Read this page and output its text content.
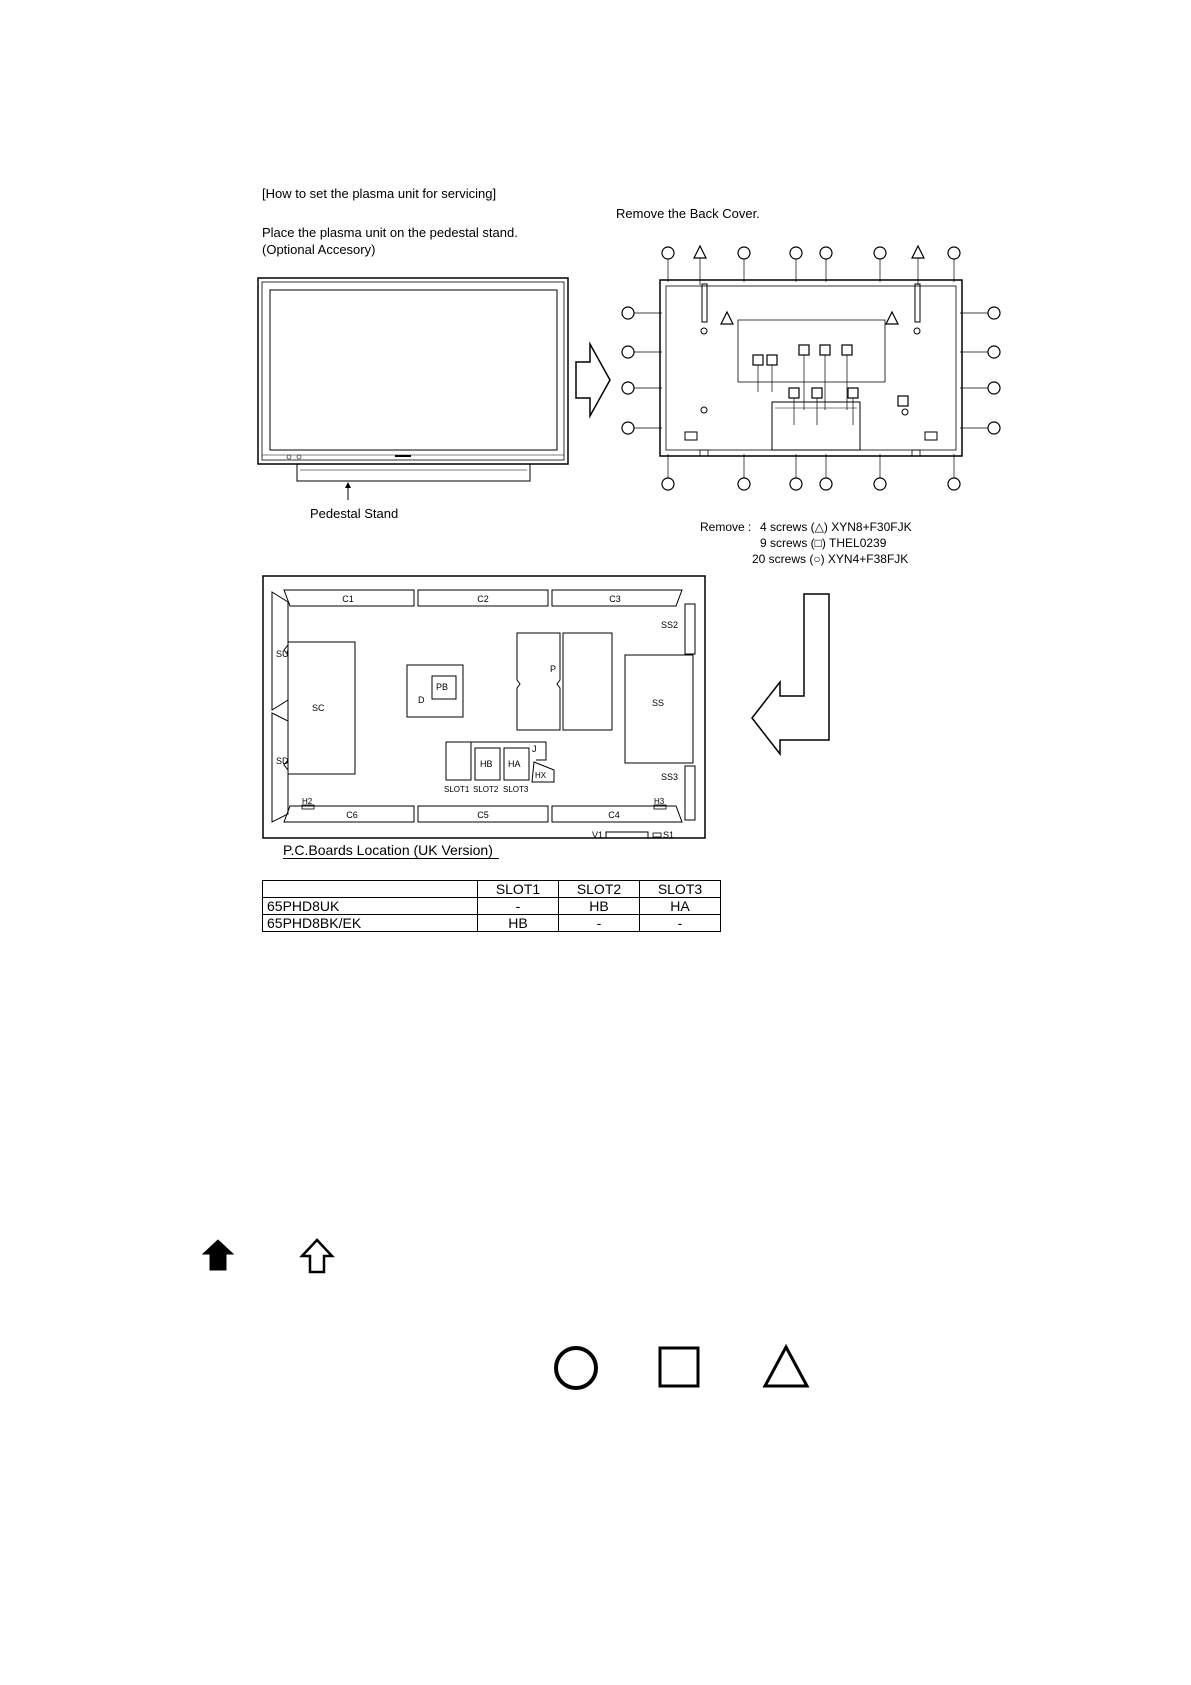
[How to set the plasma unit for servicing]
Place the plasma unit on the pedestal stand.
(Optional Accesory)
Remove the Back Cover.
Pedestal Stand
Remove : 4 screws (△) XYN8+F30FJK
9 screws (□) THEL0239
20 screws (○) XYN4+F38FJK
P.C.Boards Location (UK Version)
C1	C2	C3
C6	C5	C4
SU
SD
SC
D
PB
P
SS
SS2
SS3
J
HB HA
HX
SLOT1 SLOT2 SLOT3
H2	H3
V1	S1
	SLOT1	SLOT2	SLOT3
65PHD8UK	-	HB	HA
65PHD8BK/EK	HB	-	-
